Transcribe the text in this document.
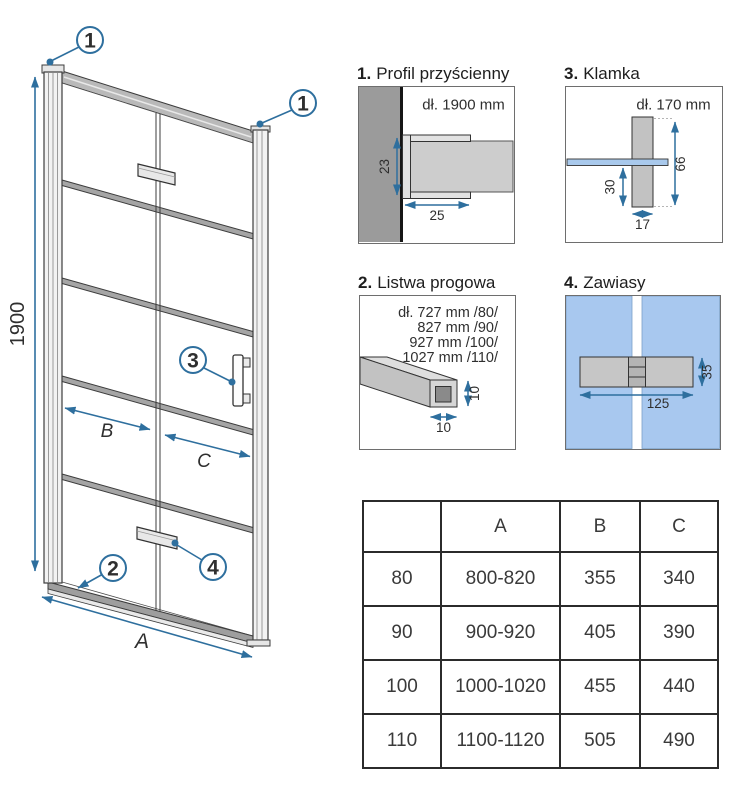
1900
B
C
A
1
1
3
2	4
1. Profil przyścienny
23
25
dł. 1900 mm
3. Klamka
30
66
17
dł. 170 mm
2. Listwa progowa
dł. 727 mm /80/
827 mm /90/
927 mm /100/
1027 mm /110/
10
10
4. Zawiasy
35
125
	A	B	C
80	800-820	355	340
90	900-920	405	390
100	1000-1020	455	440
110	1100-1120	505	490
